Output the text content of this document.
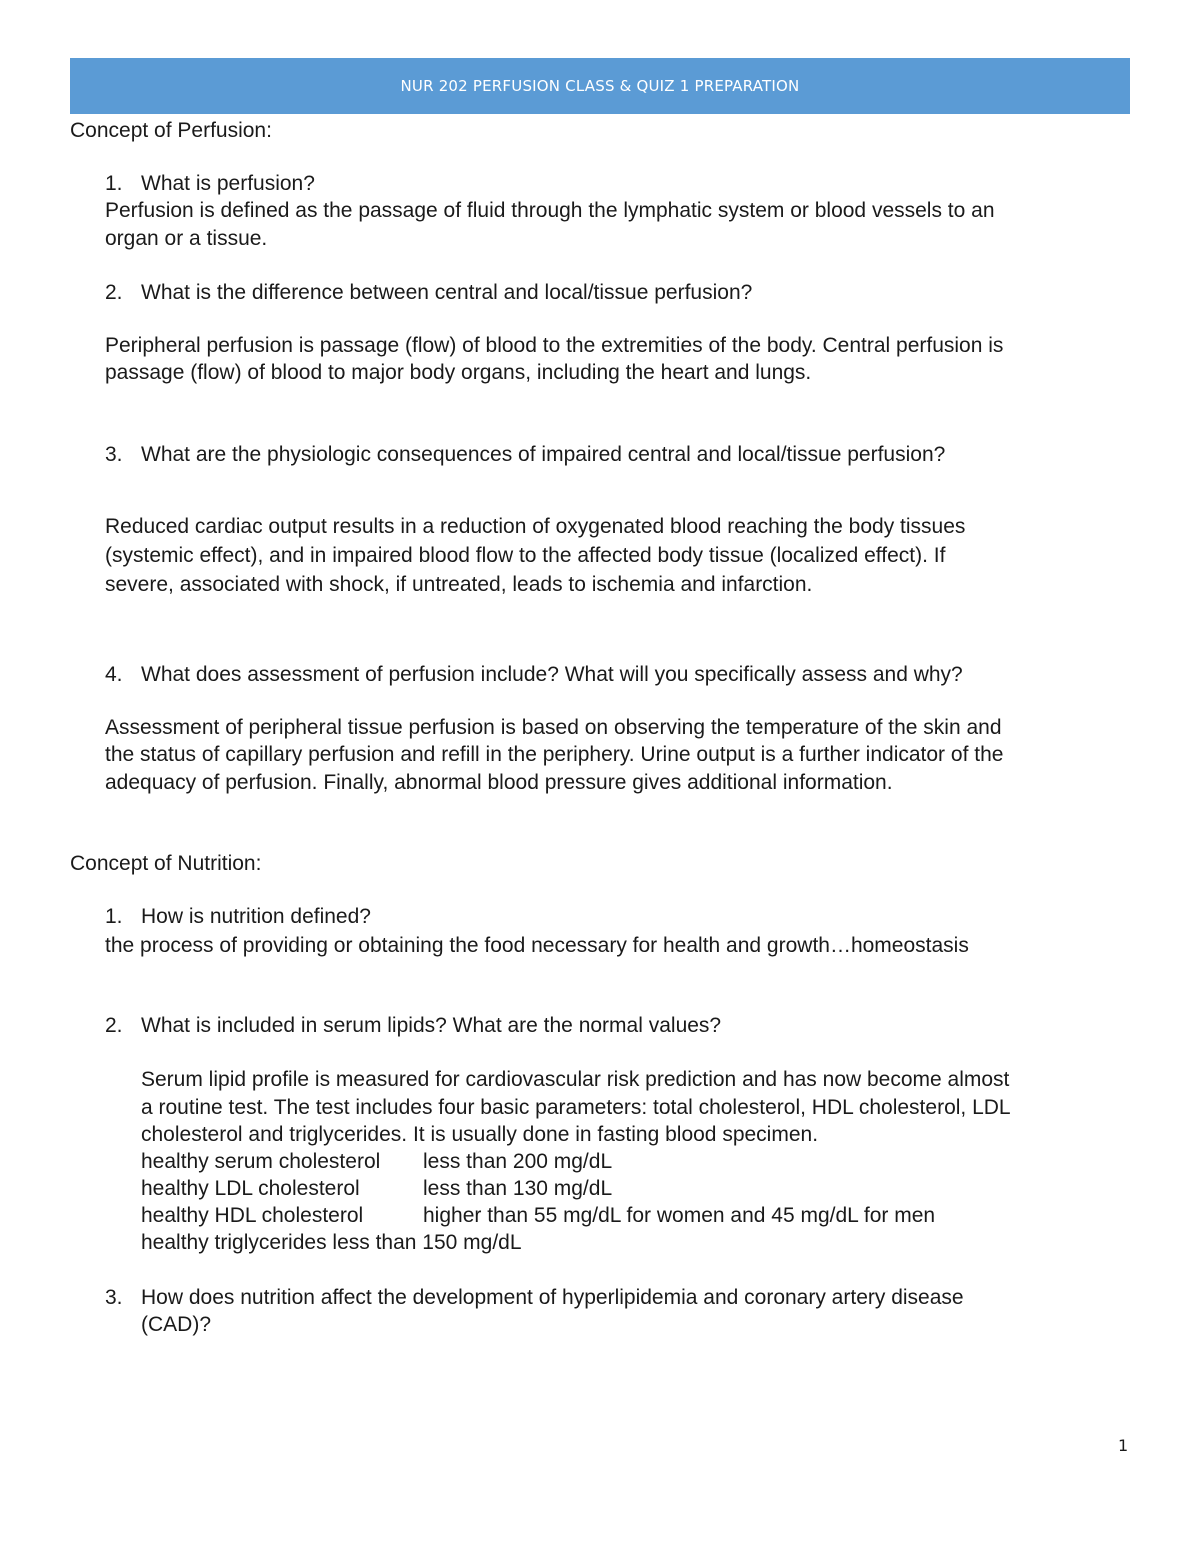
NUR 202 PERFUSION CLASS & QUIZ 1 PREPARATION
Concept of Perfusion:
1. What is perfusion?
Perfusion is defined as the passage of fluid through the lymphatic system or blood vessels to an
organ or a tissue.
2. What is the difference between central and local/tissue perfusion?
Peripheral perfusion is passage (flow) of blood to the extremities of the body. Central perfusion is
passage (flow) of blood to major body organs, including the heart and lungs.
3. What are the physiologic consequences of impaired central and local/tissue perfusion?
Reduced cardiac output results in a reduction of oxygenated blood reaching the body tissues
(systemic effect), and in impaired blood flow to the affected body tissue (localized effect). If
severe, associated with shock, if untreated, leads to ischemia and infarction.
4. What does assessment of perfusion include? What will you specifically assess and why?
Assessment of peripheral tissue perfusion is based on observing the temperature of the skin and
the status of capillary perfusion and refill in the periphery. Urine output is a further indicator of the
adequacy of perfusion. Finally, abnormal blood pressure gives additional information.
Concept of Nutrition:
1. How is nutrition defined?
the process of providing or obtaining the food necessary for health and growth…homeostasis
2. What is included in serum lipids? What are the normal values?
Serum lipid profile is measured for cardiovascular risk prediction and has now become almost
a routine test. The test includes four basic parameters: total cholesterol, HDL cholesterol, LDL
cholesterol and triglycerides. It is usually done in fasting blood specimen.
healthy serum cholesterol less than 200 mg/dL
healthy LDL cholesterol	less than 130 mg/dL
healthy HDL cholesterol	higher than 55 mg/dL for women and 45 mg/dL for men
healthy triglycerides less than 150 mg/dL
3. How does nutrition affect the development of hyperlipidemia and coronary artery disease
(CAD)?
1
